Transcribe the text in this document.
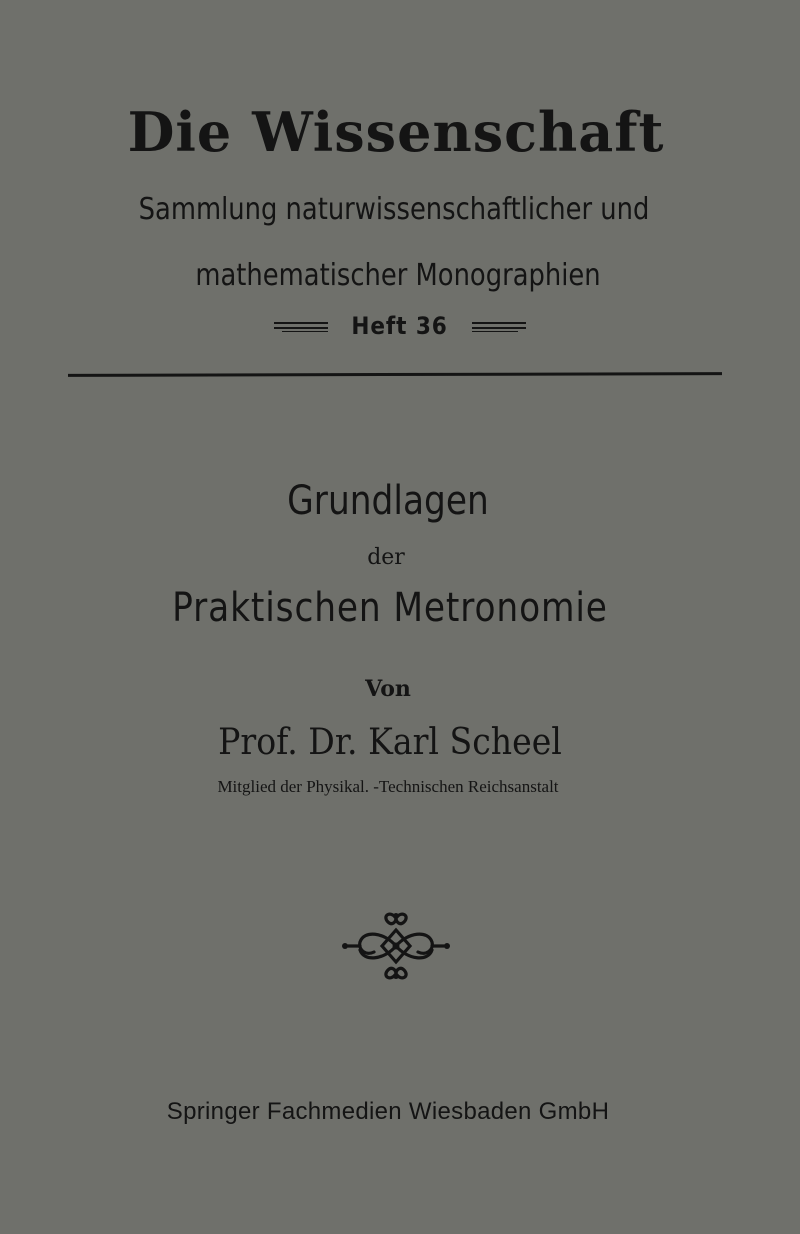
Die Wissenschaft
Sammlung naturwissenschaftlicher und
mathematischer Monographien
Heft 36
Grundlagen
der
Praktischen Metronomie
Von
Prof. Dr. Karl Scheel
Mitglied der Physikal. -Technischen Reichsanstalt
Springer Fachmedien Wiesbaden GmbH
